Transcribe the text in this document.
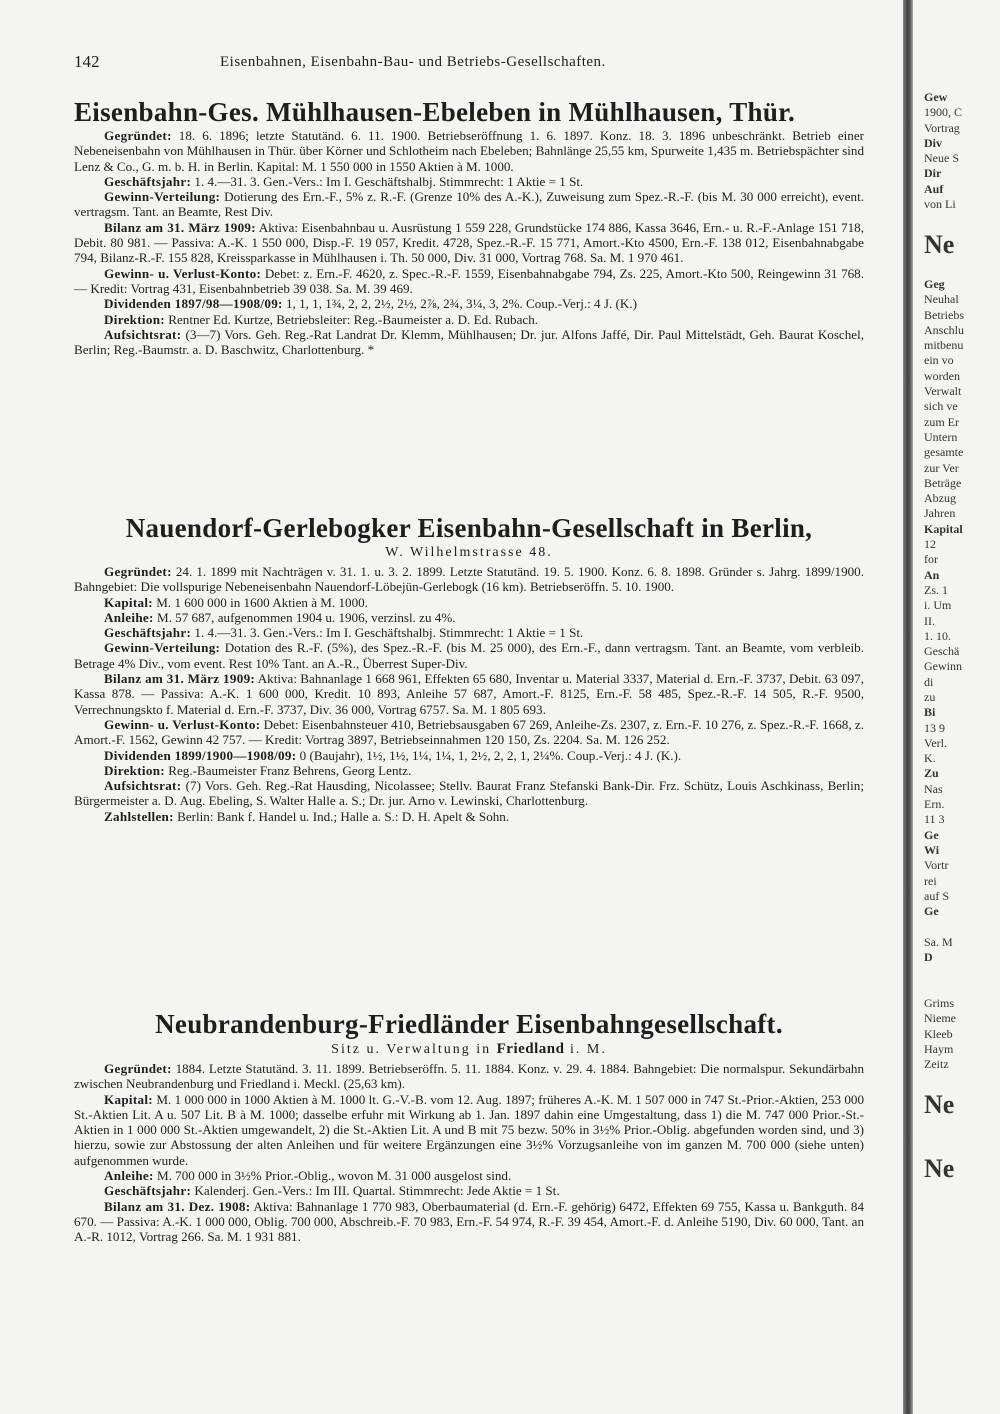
142	Eisenbahnen, Eisenbahn-Bau- und Betriebs-Gesellschaften.
Eisenbahn-Ges. Mühlhausen-Ebeleben in Mühlhausen, Thür.

Gegründet: 18. 6. 1896; letzte Statutänd. 6. 11. 1900. Betriebseröffnung 1. 6. 1897. Konz. 18. 3. 1896 unbeschränkt. Betrieb einer Nebeneisenbahn von Mühlhausen in Thür. über Körner und Schlotheim nach Ebeleben; Bahnlänge 25,55 km, Spurweite 1,435 m. Betriebspächter sind Lenz & Co., G. m. b. H. in Berlin. Kapital: M. 1 550 000 in 1550 Aktien à M. 1000.

Geschäftsjahr: 1. 4.—31. 3. Gen.-Vers.: Im I. Geschäftshalbj. Stimmrecht: 1 Aktie = 1 St.

Gewinn-Verteilung: Dotierung des Ern.-F., 5% z. R.-F. (Grenze 10% des A.-K.), Zuweisung zum Spez.-R.-F. (bis M. 30 000 erreicht), event. vertragsm. Tant. an Beamte, Rest Div.

Bilanz am 31. März 1909: Aktiva: Eisenbahnbau u. Ausrüstung 1 559 228, Grundstücke 174 886, Kassa 3646, Ern.- u. R.-F.-Anlage 151 718, Debit. 80 981. — Passiva: A.-K. 1 550 000, Disp.-F. 19 057, Kredit. 4728, Spez.-R.-F. 15 771, Amort.-Kto 4500, Ern.-F. 138 012, Eisenbahnabgabe 794, Bilanz-R.-F. 155 828, Kreissparkasse in Mühlhausen i. Th. 50 000, Div. 31 000, Vortrag 768. Sa. M. 1 970 461.

Gewinn- u. Verlust-Konto: Debet: z. Ern.-F. 4620, z. Spec.-R.-F. 1559, Eisenbahnabgabe 794, Zs. 225, Amort.-Kto 500, Reingewinn 31 768. — Kredit: Vortrag 431, Eisenbahnbetrieb 39 038. Sa. M. 39 469.

Dividenden 1897/98—1908/09: 1, 1, 1, 1¾, 2, 2, 2½, 2½, 2⅞, 2¾, 3¼, 3, 2%. Coup.-Verj.: 4 J. (K.)

Direktion: Rentner Ed. Kurtze, Betriebsleiter: Reg.-Baumeister a. D. Ed. Rubach.

Aufsichtsrat: (3—7) Vors. Geh. Reg.-Rat Landrat Dr. Klemm, Mühlhausen; Dr. jur. Alfons Jaffé, Dir. Paul Mittelstädt, Geh. Baurat Koschel, Berlin; Reg.-Baumstr. a. D. Baschwitz, Charlottenburg. *

Nauendorf-Gerlebogker Eisenbahn-Gesellschaft in Berlin,
W. Wilhelmstrasse 48.

Gegründet: 24. 1. 1899 mit Nachträgen v. 31. 1. u. 3. 2. 1899. Letzte Statutänd. 19. 5. 1900. Konz. 6. 8. 1898. Gründer s. Jahrg. 1899/1900. Bahngebiet: Die vollspurige Nebeneisenbahn Nauendorf-Löbejün-Gerlebogk (16 km). Betriebseröffn. 5. 10. 1900.

Kapital: M. 1 600 000 in 1600 Aktien à M. 1000.

Anleihe: M. 57 687, aufgenommen 1904 u. 1906, verzinsl. zu 4%.

Geschäftsjahr: 1. 4.—31. 3. Gen.-Vers.: Im I. Geschäftshalbj. Stimmrecht: 1 Aktie = 1 St.

Gewinn-Verteilung: Dotation des R.-F. (5%), des Spez.-R.-F. (bis M. 25 000), des Ern.-F., dann vertragsm. Tant. an Beamte, vom verbleib. Betrage 4% Div., vom event. Rest 10% Tant. an A.-R., Überrest Super-Div.

Bilanz am 31. März 1909: Aktiva: Bahnanlage 1 668 961, Effekten 65 680, Inventar u. Material 3337, Material d. Ern.-F. 3737, Debit. 63 097, Kassa 878. — Passiva: A.-K. 1 600 000, Kredit. 10 893, Anleihe 57 687, Amort.-F. 8125, Ern.-F. 58 485, Spez.-R.-F. 14 505, R.-F. 9500, Verrechnungskto f. Material d. Ern.-F. 3737, Div. 36 000, Vortrag 6757. Sa. M. 1 805 693.

Gewinn- u. Verlust-Konto: Debet: Eisenbahnsteuer 410, Betriebsausgaben 67 269, Anleihe-Zs. 2307, z. Ern.-F. 10 276, z. Spez.-R.-F. 1668, z. Amort.-F. 1562, Gewinn 42 757. — Kredit: Vortrag 3897, Betriebseinnahmen 120 150, Zs. 2204. Sa. M. 126 252.

Dividenden 1899/1900—1908/09: 0 (Baujahr), 1½, 1½, 1¼, 1¼, 1, 2½, 2, 2, 1, 2¼%. Coup.-Verj.: 4 J. (K.).

Direktion: Reg.-Baumeister Franz Behrens, Georg Lentz.

Aufsichtsrat: (7) Vors. Geh. Reg.-Rat Hausding, Nicolassee; Stellv. Baurat Franz Stefanski Bank-Dir. Frz. Schütz, Louis Aschkinass, Berlin; Bürgermeister a. D. Aug. Ebeling, S. Walter Halle a. S.; Dr. jur. Arno v. Lewinski, Charlottenburg.

Zahlstellen: Berlin: Bank f. Handel u. Ind.; Halle a. S.: D. H. Apelt & Sohn.

Neubrandenburg-Friedländer Eisenbahngesellschaft.
Sitz u. Verwaltung in Friedland i. M.

Gegründet: 1884. Letzte Statutänd. 3. 11. 1899. Betriebseröffn. 5. 11. 1884. Konz. v. 29. 4. 1884. Bahngebiet: Die normalspur. Sekundärbahn zwischen Neubrandenburg und Friedland i. Meckl. (25,63 km).

Kapital: M. 1 000 000 in 1000 Aktien à M. 1000 lt. G.-V.-B. vom 12. Aug. 1897; früheres A.-K. M. 1 507 000 in 747 St.-Prior.-Aktien, 253 000 St.-Aktien Lit. A u. 507 Lit. B à M. 1000; dasselbe erfuhr mit Wirkung ab 1. Jan. 1897 dahin eine Umgestaltung, dass 1) die M. 747 000 Prior.-St.-Aktien in 1 000 000 St.-Aktien umgewandelt, 2) die St.-Aktien Lit. A und B mit 75 bezw. 50% in 3½% Prior.-Oblig. abgefunden worden sind, und 3) hierzu, sowie zur Abstossung der alten Anleihen und für weitere Ergänzungen eine 3½% Vorzugsanleihe von im ganzen M. 700 000 (siehe unten) aufgenommen wurde.

Anleihe: M. 700 000 in 3½% Prior.-Oblig., wovon M. 31 000 ausgelost sind.

Geschäftsjahr: Kalenderj. Gen.-Vers.: Im III. Quartal. Stimmrecht: Jede Aktie = 1 St.

Bilanz am 31. Dez. 1908: Aktiva: Bahnanlage 1 770 983, Oberbaumaterial (d. Ern.-F. gehörig) 6472, Effekten 69 755, Kassa u. Bankguth. 84 670. — Passiva: A.-K. 1 000 000, Oblig. 700 000, Abschreib.-F. 70 983, Ern.-F. 54 974, R.-F. 39 454, Amort.-F. d. Anleihe 5190, Div. 60 000, Tant. an A.-R. 1012, Vortrag 266. Sa. M. 1 931 881.

Gew
1900, C
Vortrag
Div
Neue S
Dir
Auf
von Li

Ne

Geg
Neuhal
Betriebs
Anschlu
mitbenu
ein vo
worden
Verwalt
sich ve
zum Er
Untern
gesamte
zur Ver
Beträge
Abzug
Jahren
Kapital
12
for
An
Zs. 1
i. Um
II.
1. 10.
Geschä
Gewinn
di
zu
Bi
13 9
Verl.
K.
Zu
Nas
Ern.
11 3
Ge
Wi
Vortr
rei
auf S
Ge

Sa. M
D

Grims
Nieme
Kleeb
Haym
Zeitz

Ne

Ne
